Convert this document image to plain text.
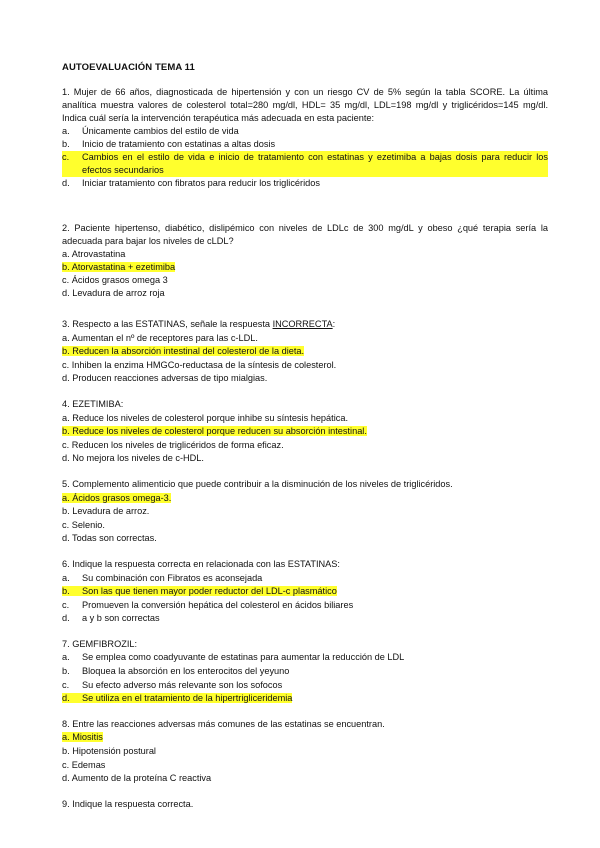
AUTOEVALUACIÓN TEMA 11

1. Mujer de 66 años, diagnosticada de hipertensión y con un riesgo CV de 5% según la tabla SCORE. La última analítica muestra valores de colesterol total=280 mg/dl, HDL= 35 mg/dl, LDL=198 mg/dl y triglicéridos=145 mg/dl. Indica cuál sería la intervención terapéutica más adecuada en esta paciente:

a.	Únicamente cambios del estilo de vida
b.	Inicio de tratamiento con estatinas a altas dosis
c.	Cambios en el estilo de vida e inicio de tratamiento con estatinas y ezetimiba a bajas dosis para reducir los efectos secundarios
d.	Iniciar tratamiento con fibratos para reducir los triglicéridos

2. Paciente hipertenso, diabético, dislipémico con niveles de LDLc de 300 mg/dL y obeso ¿qué terapia sería la adecuada para bajar los niveles de cLDL?

a. Atrovastatina
b. Atorvastatina + ezetimiba
c. Ácidos grasos omega 3
d. Levadura de arroz roja

3. Respecto a las ESTATINAS, señale la respuesta INCORRECTA:

a. Aumentan el nº de receptores para las c-LDL.
b. Reducen la absorción intestinal del colesterol de la dieta.
c. Inhiben la enzima HMGCo-reductasa de la síntesis de colesterol.
d. Producen reacciones adversas de tipo mialgias.

4. EZETIMIBA:

a. Reduce los niveles de colesterol porque inhibe su síntesis hepática.
b. Reduce los niveles de colesterol porque reducen su absorción intestinal.
c. Reducen los niveles de triglicéridos de forma eficaz.
d. No mejora los niveles de c-HDL.

5. Complemento alimenticio que puede contribuir a la disminución de los niveles de triglicéridos.

a. Ácidos grasos omega-3.
b. Levadura de arroz.
c. Selenio.
d. Todas son correctas.

6. Indique la respuesta correcta en relacionada con las ESTATINAS:

a. Su combinación con Fibratos es aconsejada
b. Son las que tienen mayor poder reductor del LDL-c plasmático
c. Promueven la conversión hepática del colesterol en ácidos biliares
d. a y b son correctas

7. GEMFIBROZIL:

a. Se emplea como coadyuvante de estatinas para aumentar la reducción de LDL
b. Bloquea la absorción en los enterocitos del yeyuno
c. Su efecto adverso más relevante son los sofocos
d. Se utiliza en el tratamiento de la hipertrigliceridemia

8. Entre las reacciones adversas más comunes de las estatinas se encuentran.

a. Miositis
b. Hipotensión postural
c. Edemas
d. Aumento de la proteína C reactiva

9. Indique la respuesta correcta.
